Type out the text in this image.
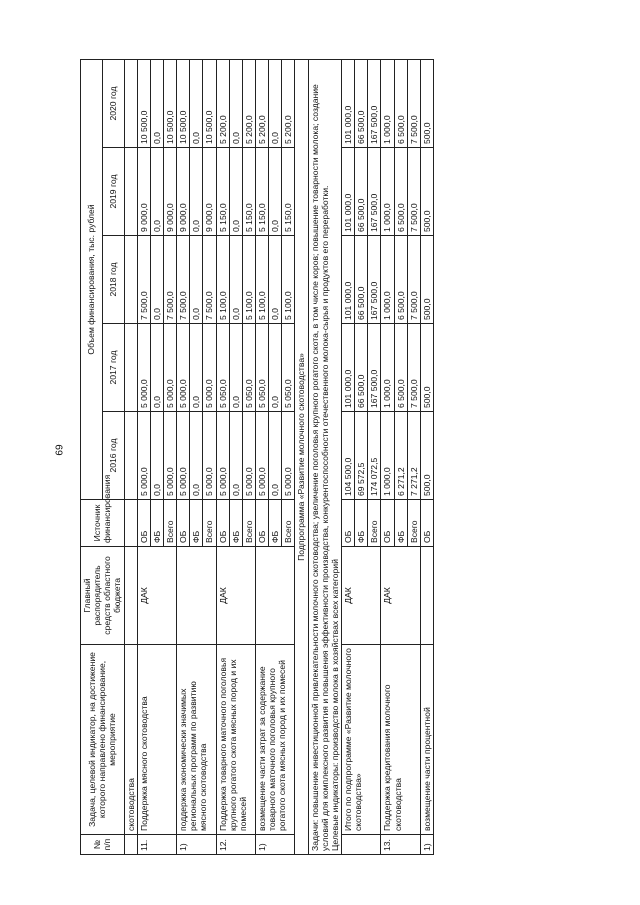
69
№ п/п	Задача, целевой индикатор, на достижение которого направлено финансирование, мероприятие	Главный распорядитель средств областного бюджета	Источник финансирования	Объем финансирования, тыс. рублей				
				2016 год	2017 год	2018 год	2019 год	2020 год
	скотоводства							
11.	Поддержка мясного скотоводства	ДАК	ОБ	5 000,0	5 000,0	7 500,0	9 000,0	10 500,0
			ФБ	0,0	0,0	0,0	0,0	0,0
			Всего	5 000,0	5 000,0	7 500,0	9 000,0	10 500,0
1)	поддержка экономически значимых региональных программ по развитию мясного скотоводства		ОБ	5 000,0	5 000,0	7 500,0	9 000,0	10 500,0
			ФБ	0,0	0,0	0,0	0,0	0,0
			Всего	5 000,0	5 000,0	7 500,0	9 000,0	10 500,0
12.	Поддержка товарного маточного поголовья крупного рогатого скота мясных пород и их помесей	ДАК	ОБ	5 000,0	5 050,0	5 100,0	5 150,0	5 200,0
			ФБ	0,0	0,0	0,0	0,0	0,0
			Всего	5 000,0	5 050,0	5 100,0	5 150,0	5 200,0
1)	возмещение части затрат за содержание товарного маточного поголовья крупного рогатого скота мясных пород и их помесей		ОБ	5 000,0	5 050,0	5 100,0	5 150,0	5 200,0
			ФБ	0,0	0,0	0,0	0,0	0,0
			Всего	5 000,0	5 050,0	5 100,0	5 150,0	5 200,0
Подпрограмма «Развитие молочного скотоводства»								

Задачи: повышение инвестиционной привлекательности молочного скотоводства; увеличение поголовья крупного рогатого скота, в том числе коров; повышение товарности молока; создание условий для комплексного развития и повышения эффективности производства, конкурентоспособности отечественного молока-сырья и продуктов его переработки. Целевые индикаторы: производство молока в хозяйствах всех категорий								

	Итого по подпрограмме «Развитие молочного скотоводства»	ДАК	ОБ	104 500,0	101 000,0	101 000,0	101 000,0	101 000,0
			ФБ	69 572,5	66 500,0	66 500,0	66 500,0	66 500,0
			Всего	174 072,5	167 500,0	167 500,0	167 500,0	167 500,0
13.	Поддержка кредитования молочного скотоводства	ДАК	ОБ	1 000,0	1 000,0	1 000,0	1 000,0	1 000,0
			ФБ	6 271,2	6 500,0	6 500,0	6 500,0	6 500,0
			Всего	7 271,2	7 500,0	7 500,0	7 500,0	7 500,0
1)	возмещение части процентной		ОБ	500,0	500,0	500,0	500,0	500,0
